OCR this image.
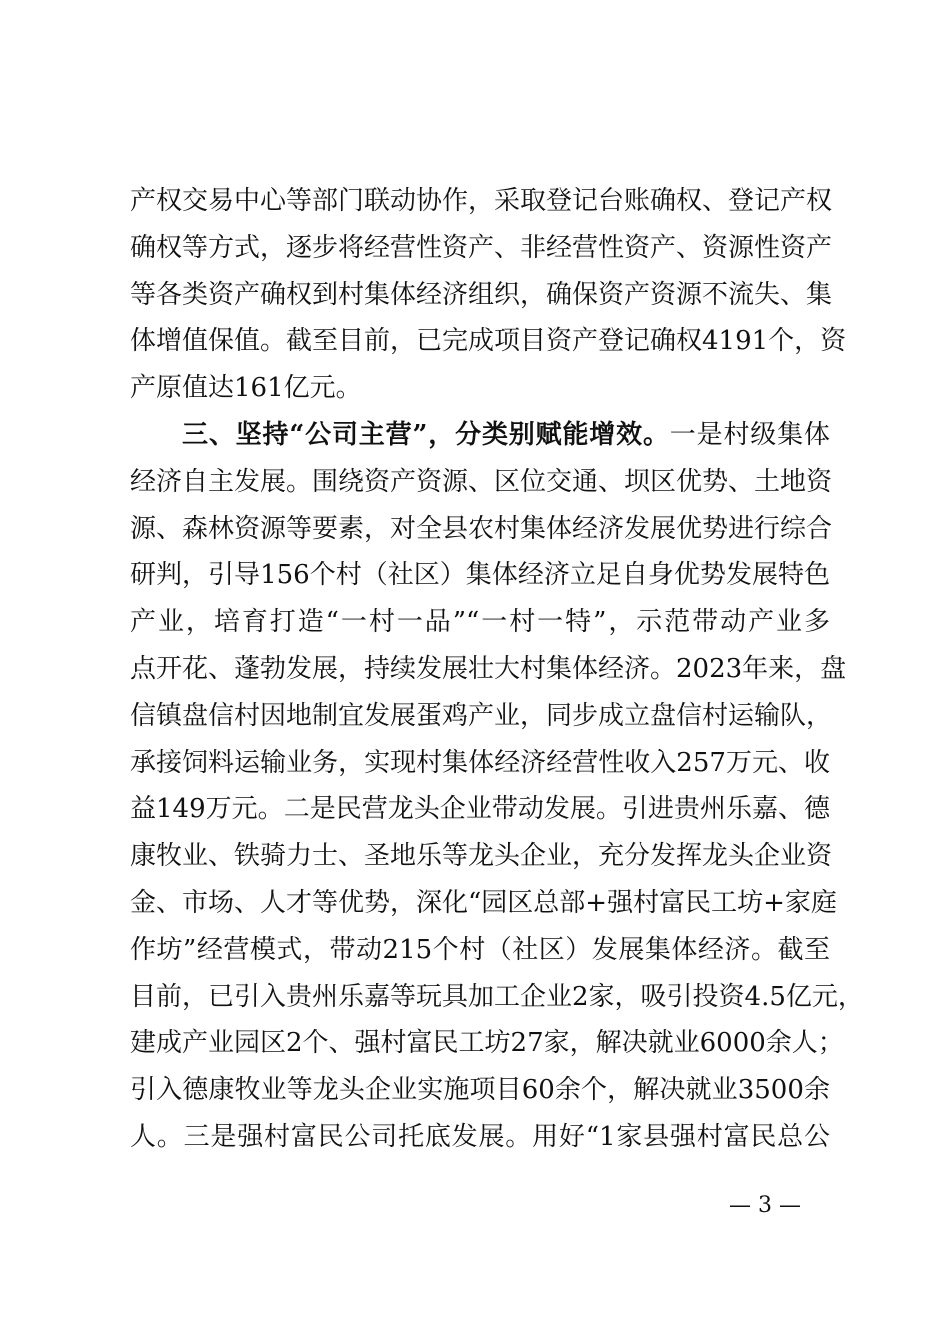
产权交易中心等部门联动协作，采取登记台账确权、登记产权
确权等方式，逐步将经营性资产、非经营性资产、资源性资产
等各类资产确权到村集体经济组织，确保资产资源不流失、集
体增值保值。截至目前，已完成项目资产登记确权4191个，资
产原值达161亿元。
三、坚持“公司主营”，分类别赋能增效。一是村级集体
经济自主发展。围绕资产资源、区位交通、坝区优势、土地资
源、森林资源等要素，对全县农村集体经济发展优势进行综合
研判，引导156个村（社区）集体经济立足自身优势发展特色
产业，培育打造“一村一品”“一村一特”，示范带动产业多
点开花、蓬勃发展，持续发展壮大村集体经济。2023年来，盘
信镇盘信村因地制宜发展蛋鸡产业，同步成立盘信村运输队，
承接饲料运输业务，实现村集体经济经营性收入257万元、收
益149万元。二是民营龙头企业带动发展。引进贵州乐嘉、德
康牧业、铁骑力士、圣地乐等龙头企业，充分发挥龙头企业资
金、市场、人才等优势，深化“园区总部+强村富民工坊+家庭
作坊”经营模式，带动215个村（社区）发展集体经济。截至
目前，已引入贵州乐嘉等玩具加工企业2家，吸引投资4.5亿元，
建成产业园区2个、强村富民工坊27家，解决就业6000余人；
引入德康牧业等龙头企业实施项目60余个，解决就业3500余
人。三是强村富民公司托底发展。用好“1家县强村富民总公
— 3 —
